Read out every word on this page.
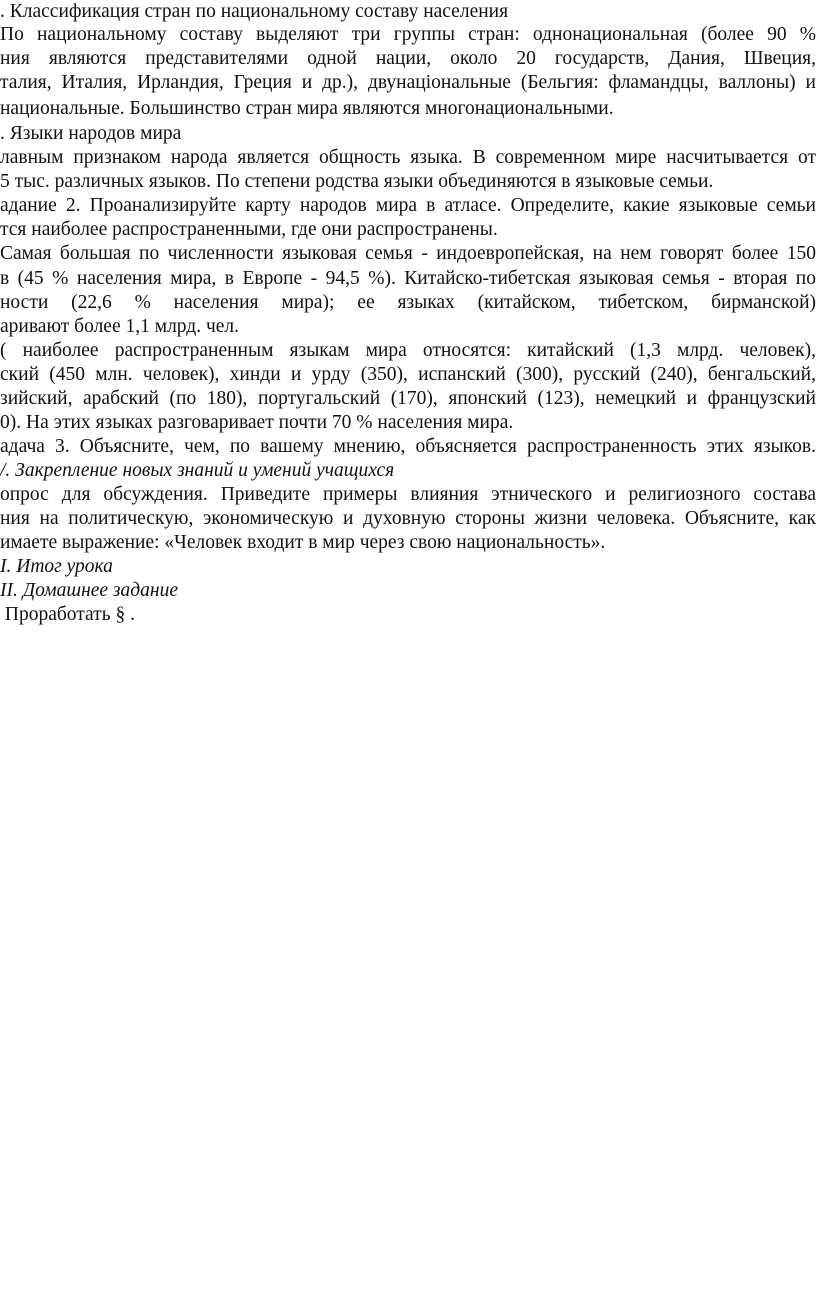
. Классификация стран по национальному составу населения
По национальному составу выделяют три группы стран: однонациональная (более 90 %
ния являются представителями одной нации, около 20 государств, Дания, Швеция,
талия, Италия, Ирландия, Греция и др.), двунаціональные (Бельгия: фламандцы, валлоны) и
национальные. Большинство стран мира являются многонациональными.
. Языки народов мира
лавным признаком народа является общность языка. В современном мире насчитывается от
5 тыс. различных языков. По степени родства языки объединяются в языковые семьи.
адание 2. Проанализируйте карту народов мира в атласе. Определите, какие языковые семьи
тся наиболее распространенными, где они распространены.
Самая большая по численности языковая семья - индоевропейская, на нем говорят более 150
в (45 % населения мира, в Европе - 94,5 %). Китайско-тибетская языковая семья - вторая по
ности (22,6 % населения мира); ее языках (китайском, тибетском, бирманской)
аривают более 1,1 млрд. чел.
( наиболее распространенным языкам мира относятся: китайский (1,3 млрд. человек),
ский (450 млн. человек), хинди и урду (350), испанский (300), русский (240), бенгальский,
зийский, арабский (по 180), португальский (170), японский (123), немецкий и французский
0). На этих языках разговаривает почти 70 % населения мира.
адача 3. Объясните, чем, по вашему мнению, объясняется распространенность этих языков.
/. Закрепление новых знаний и умений учащихся
опрос для обсуждения. Приведите примеры влияния этнического и религиозного состава
ния на политическую, экономическую и духовную стороны жизни человека. Объясните, как
имаете выражение: «Человек входит в мир через свою национальность».
I. Итог урока
II. Домашнее задание
Проработать § .
